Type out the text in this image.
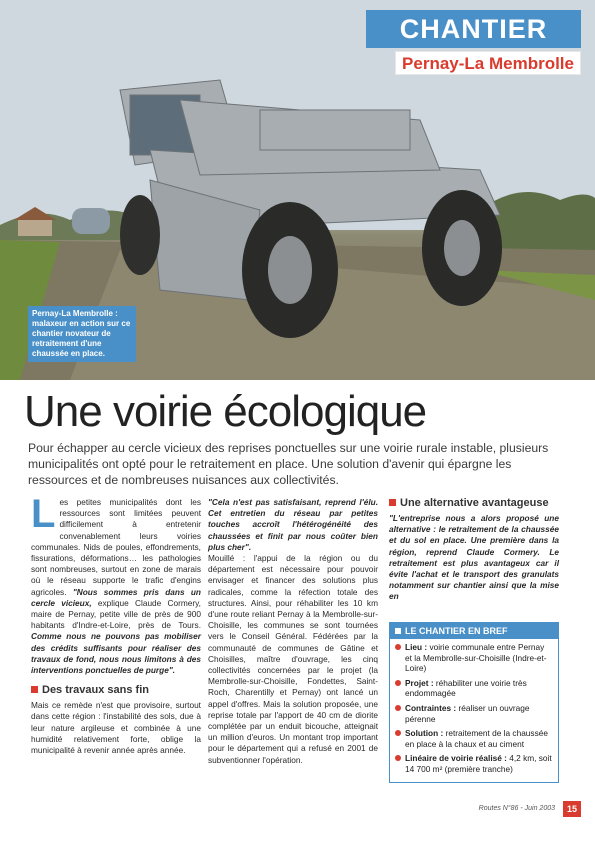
CHANTIER
Pernay-La Membrolle
Pernay-La Membrolle : malaxeur en action sur ce chantier novateur de retraitement d'une chaussée en place.
Une voirie écologique

Pour échapper au cercle vicieux des reprises ponctuelles sur une voirie rurale instable, plusieurs municipalités ont opté pour le retraitement en place. Une solution d'avenir qui épargne les ressources et de nombreuses nuisances aux collectivités.

Les petites municipalités dont les ressources sont limitées peuvent difficilement à entretenir convenablement leurs voiries communales. Nids de poules, effondrements, fissurations, déformations… les pathologies sont nombreuses, surtout en zone de marais où le réseau supporte le trafic d'engins agricoles. "Nous sommes pris dans un cercle vicieux, explique Claude Cormery, maire de Pernay, petite ville de près de 900 habitants d'Indre-et-Loire, près de Tours. Comme nous ne pouvons pas mobiliser des crédits suffisants pour réaliser des travaux de fond, nous nous limitons à des interventions ponctuelles de purge".

Des travaux sans fin

Mais ce remède n'est que provisoire, surtout dans cette région : l'instabilité des sols, due à leur nature argileuse et combinée à une humidité relativement forte, oblige la municipalité à revenir année après année.

"Cela n'est pas satisfaisant, reprend l'élu. Cet entretien du réseau par petites touches accroît l'hétérogénéité des chaussées et finit par nous coûter bien plus cher".

Mouillé : l'appui de la région ou du département est nécessaire pour pouvoir envisager et financer des solutions plus radicales, comme la réfection totale des structures. Ainsi, pour réhabiliter les 10 km d'une route reliant Pernay à la Membrolle-sur-Choisille, les communes se sont tournées vers le Conseil Général. Fédérées par la communauté de communes de Gâtine et Choisilles, maître d'ouvrage, les cinq collectivités concernées par le projet (la Membrolle-sur-Choisille, Fondettes, Saint-Roch, Charentilly et Pernay) ont lancé un appel d'offres. Mais la solution proposée, une reprise totale par l'apport de 40 cm de diorite complétée par un enduit bicouche, atteignait un million d'euros. Un montant trop important pour le département qui a refusé en 2001 de subventionner l'opération.

Une alternative avantageuse

"L'entreprise nous a alors proposé une alternative : le retraitement de la chaussée et du sol en place. Une première dans la région, reprend Claude Cormery. Le retraitement est plus avantageux car il évite l'achat et le transport des granulats notamment sur chantier ainsi que la mise en

LE CHANTIER EN BREF
Lieu : voirie communale entre Pernay et la Membrolle-sur-Choisille (Indre-et-Loire)
Projet : réhabiliter une voirie très endommagée
Contraintes : réaliser un ouvrage pérenne
Solution : retraitement de la chaussée en place à la chaux et au ciment
Linéaire de voirie réalisé : 4,2 km, soit 14 700 m² (première tranche)
Routes N°86 - Juin 2003	15
